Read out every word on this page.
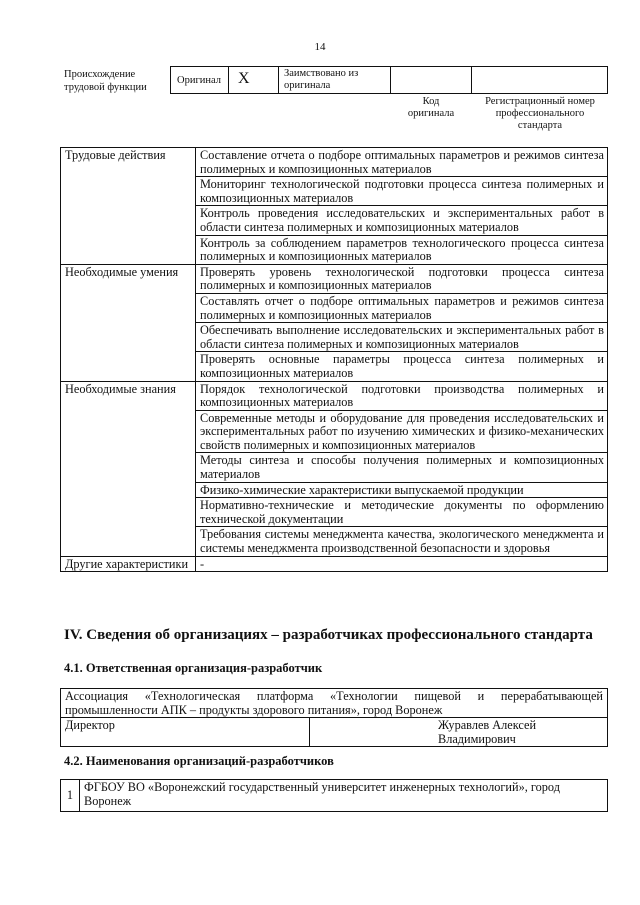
14
Происхождение
трудовой функции
Оригинал	X	Заимствовано из
оригинала
Код
оригинала
Регистрационный номер
профессионального
стандарта
Трудовые действия	Составление отчета о подборе оптимальных параметров и режимов синтеза полимерных и композиционных материалов
	Мониторинг технологической подготовки процесса синтеза полимерных и композиционных материалов
	Контроль проведения исследовательских и экспериментальных работ в области синтеза полимерных и композиционных материалов
	Контроль за соблюдением параметров технологического процесса синтеза полимерных и композиционных материалов
Необходимые умения	Проверять уровень технологической подготовки процесса синтеза полимерных и композиционных материалов
	Составлять отчет о подборе оптимальных параметров и режимов синтеза полимерных и композиционных материалов
	Обеспечивать выполнение исследовательских и экспериментальных работ в области синтеза полимерных и композиционных материалов
	Проверять основные параметры процесса синтеза полимерных и композиционных материалов
Необходимые знания	Порядок технологической подготовки производства полимерных и композиционных материалов
	Современные методы и оборудование для проведения исследовательских и экспериментальных работ по изучению химических и физико-механических свойств полимерных и композиционных материалов
	Методы синтеза и способы получения полимерных и композиционных материалов
	Физико-химические характеристики выпускаемой продукции
	Нормативно-технические и методические документы по оформлению технической документации
	Требования системы менеджмента качества, экологического менеджмента и системы менеджмента производственной безопасности и здоровья
Другие характеристики	-
IV. Сведения об организациях – разработчиках профессионального стандарта
4.1. Ответственная организация-разработчик
Ассоциация «Технологическая платформа «Технологии пищевой и перерабатывающей промышленности АПК – продукты здорового питания», город Воронеж
Директор	Журавлев Алексей Владимирович
4.2. Наименования организаций-разработчиков
1	ФГБОУ ВО «Воронежский государственный университет инженерных технологий», город Воронеж
